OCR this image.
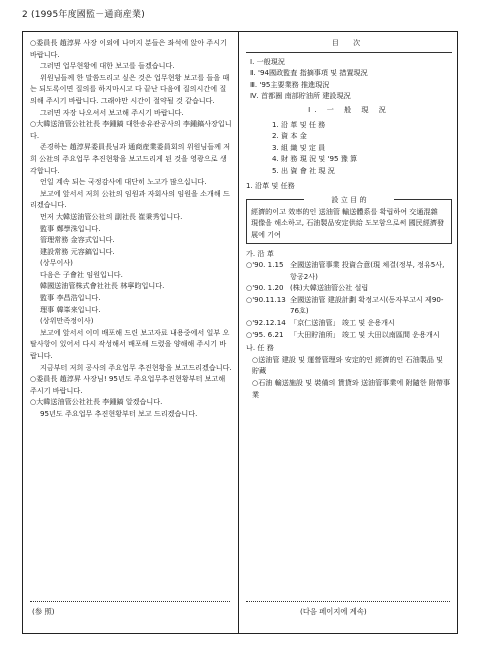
2 (1995年度國監－通商産業)
○委員長 趙淳昇 사장 이외에 나머지 분들은 좌석에 앉아 주시기 바랍니다.
그러면 업무현황에 대한 보고를 들겠습니다.
위원님들께 한 말씀드리고 싶은 것은 업무현황 보고를 들을 때는 되도록이면 질의를 하지마시고 다 끝난 다음에 질의시간에 질의해 주시기 바랍니다. 그래야만 시간이 절약될 것 같습니다.
그러면 자장 나오셔서 보고해 주시기 바랍니다.
○大韓送油管公社社長 李鍾鎬 대한송유관공사의 李鍾鎬사장입니다.
존경하는 趙淳昇委員長님과 通商産業委員회의 위원님들께 저희 公社의 주요업무 추진현황을 보고드리게 된 것을 영광으로 생각합니다.
언일 계속 되는 국정감사에 대단히 노고가 많으십니다.
보고에 앞서서 저희 公社의 임원과 자회사의 임원을 소개해 드리겠습니다.
먼저 大韓送油管公社의 副社長 崔秉秀입니다.
監事 鄭學洙입니다.
管理常務 金容式입니다.
建設常務 元容鎬입니다.
(상무이사)
다음은 子會社 임원입니다.
韓國送油管株式會社社長 林寧昀입니다.
監事 李昌浩입니다.
理事 韓峯来입니다.
(상위만족정이사)
보고에 앞서서 이미 배포해 드린 보고자료 내용중에서 일부 오탈사항이 있어서 다시 작성해서 배포해 드렸을 양해해 주시기 바랍니다.
지금부터 저희 공사의 주요업무 추진현황을 보고드리겠습니다.
○委員長 趙淳昇 사장님! 95년도 주요업무추진현황부터 보고해 주시기 바랍니다.
○大韓送油管公社社長 李鍾鎬 알겠습니다.
95년도 주요업무 추진현황부터 보고 드리겠습니다.
目 次
Ⅰ. 一般現況
Ⅱ. '94國政監査 指摘事項 및 措置現況
Ⅲ. '95主要業務 推進現況
Ⅳ. 首都圈 南部貯油所 建設現況
Ⅰ. 一 般 現 況
1. 沿 革 및 任 務
2. 資 本 金
3. 組 織 및 定 員
4. 財 務 現 況 및 '95 豫 算
5. 出 資 會 社 現 況
1. 沿革 및 任務
設 立 目 的
經濟的이고 效率的인 送油管 輸送體系를 확립하여 交通混雜 現像을 해소하고, 石油製品安定供給 도모함으로써 國民經濟發展에 기여
가. 沿 革
○'90. 1.15 全國送油管事業 投資合意(現 체결(정부, 정유5사, 항공2사)
○'90. 1.20 (株)大韓送油管公社 설립
○'90.11.13 全國送油管 建設計劃 확정고시(동자부고시 제90-76호)
○'92.12.14 「京仁送油管」 竣工 및 운용개시
○'95. 6.21 「大田貯油所」 竣工 및 大田以南區間 운용개시
나. 任 務
○送油管 建設 및 運營管理와 安定的인 經濟的인 石油製品 및 貯藏
○石油 輸送施設 및 裝備의 賃貸와 送油管事業에 附隨한 附帶事業
(参 照)	(다음 페이지에 계속)
